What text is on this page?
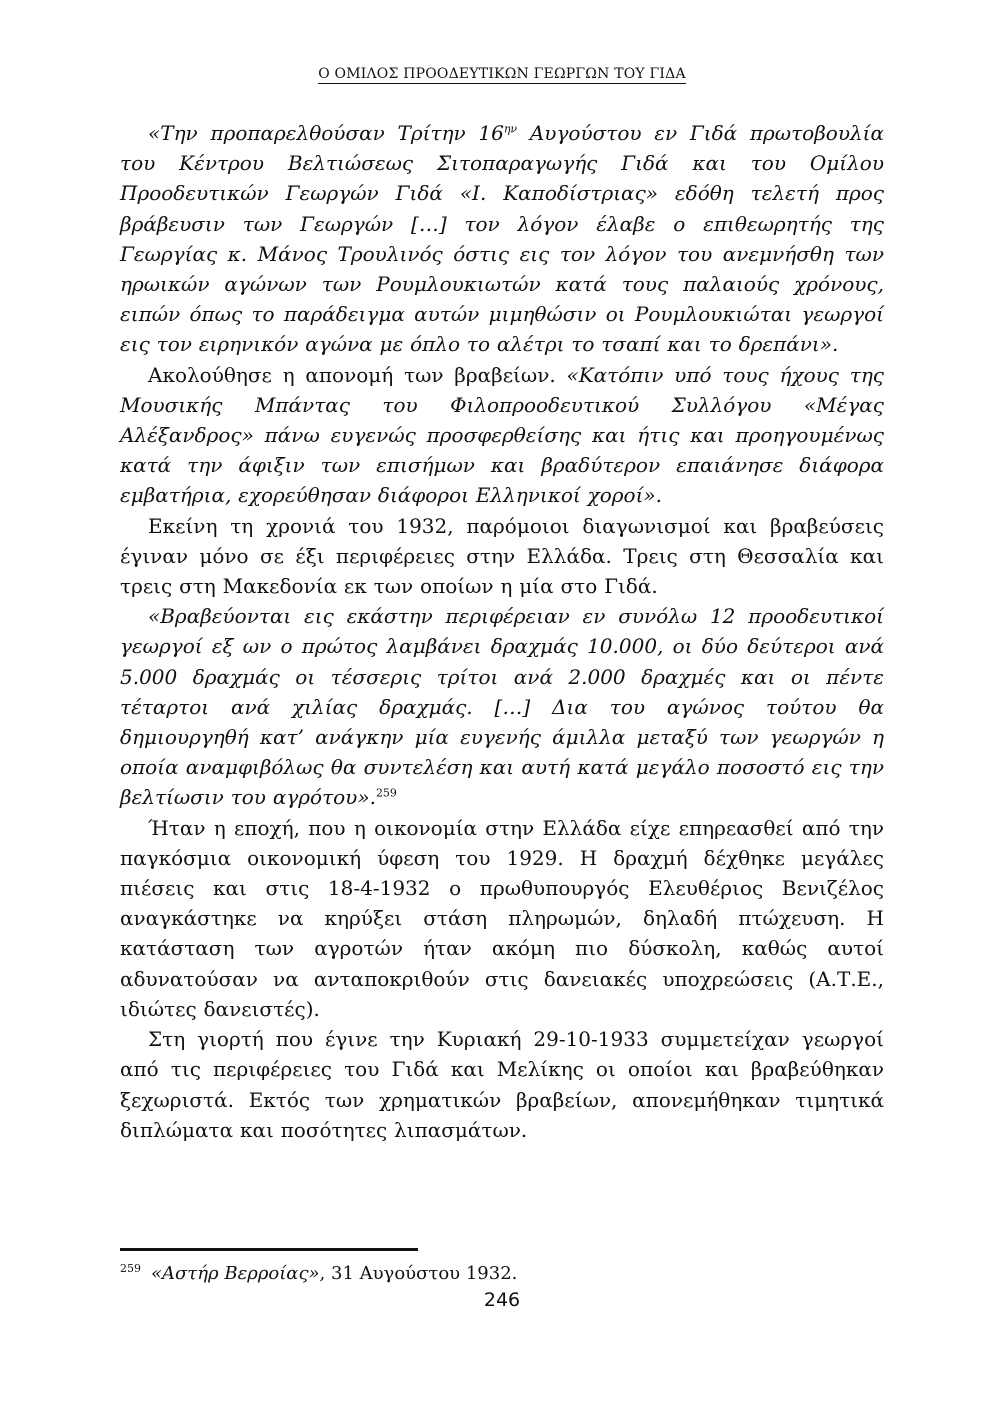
Ο ΟΜΙΛΟΣ ΠΡΟΟΔΕΥΤΙΚΩΝ ΓΕΩΡΓΩΝ ΤΟΥ ΓΙΔΑ

«Την προπαρελθούσαν Τρίτην $16^{\eta\nu}$ Αυγούστου εν Γιδά πρωτοβουλία του Κέντρου Βελτιώσεως Σιτοπαραγωγής Γιδά και του Ομίλου Προοδευτικών Γεωργών Γιδά «Ι. Καποδίστριας» εδόθη τελετή προς βράβευσιν των Γεωργών […] τον λόγον έλαβε ο επιθεωρητής της Γεωργίας κ. Μάνος Τρουλινός όστις εις τον λόγον του ανεμνήσθη των ηρωικών αγώνων των Ρουμλουκιωτών κατά τους παλαιούς χρόνους, ειπών όπως το παράδειγμα αυτών μιμηθώσιν οι Ρουμλουκιώται γεωργοί εις τον ειρηνικόν αγώνα με όπλο το αλέτρι το τσαπί και το δρεπάνι».

Ακολούθησε η απονομή των βραβείων. «Κατόπιν υπό τους ήχους της Μουσικής Μπάντας του Φιλοπροοδευτικού Συλλόγου «Μέγας Αλέξανδρος» πάνω ευγενώς προσφερθείσης και ήτις και προηγουμένως κατά την άφιξιν των επισήμων και βραδύτερον επαιάνησε διάφορα εμβατήρια, εχορεύθησαν διάφοροι Ελληνικοί χοροί».

Εκείνη τη χρονιά του 1932, παρόμοιοι διαγωνισμοί και βραβεύσεις έγιναν μόνο σε έξι περιφέρειες στην Ελλάδα. Τρεις στη Θεσσαλία και τρεις στη Μακεδονία εκ των οποίων η μία στο Γιδά.

«Βραβεύονται εις εκάστην περιφέρειαν εν συνόλω 12 προοδευτικοί γεωργοί εξ ων ο πρώτος λαμβάνει δραχμάς 10.000, οι δύο δεύτεροι ανά 5.000 δραχμάς οι τέσσερις τρίτοι ανά 2.000 δραχμές και οι πέντε τέταρτοι ανά χιλίας δραχμάς. […] Δια του αγώνος τούτου θα δημιουργηθή κατ’ ανάγκην μία ευγενής άμιλλα μεταξύ των γεωργών η οποία αναμφιβόλως θα συντελέση και αυτή κατά μεγάλο ποσοστό εις την βελτίωσιν του αγρότου».$^{259}$

Ήταν η εποχή, που η οικονομία στην Ελλάδα είχε επηρεασθεί από την παγκόσμια οικονομική ύφεση του 1929. Η δραχμή δέχθηκε μεγάλες πιέσεις και στις 18-4-1932 ο πρωθυπουργός Ελευθέριος Βενιζέλος αναγκάστηκε να κηρύξει στάση πληρωμών, δηλαδή πτώχευση. Η κατάσταση των αγροτών ήταν ακόμη πιο δύσκολη, καθώς αυτοί αδυνατούσαν να ανταποκριθούν στις δανειακές υποχρεώσεις (Α.Τ.Ε., ιδιώτες δανειστές).

Στη γιορτή που έγινε την Κυριακή 29-10-1933 συμμετείχαν γεωργοί από τις περιφέρειες του Γιδά και Μελίκης οι οποίοι και βραβεύθηκαν ξεχωριστά. Εκτός των χρηματικών βραβείων, απονεμήθηκαν τιμητικά διπλώματα και ποσότητες λιπασμάτων.

$^{259}$ «Αστήρ Βερροίας», 31 Αυγούστου 1932.
246
